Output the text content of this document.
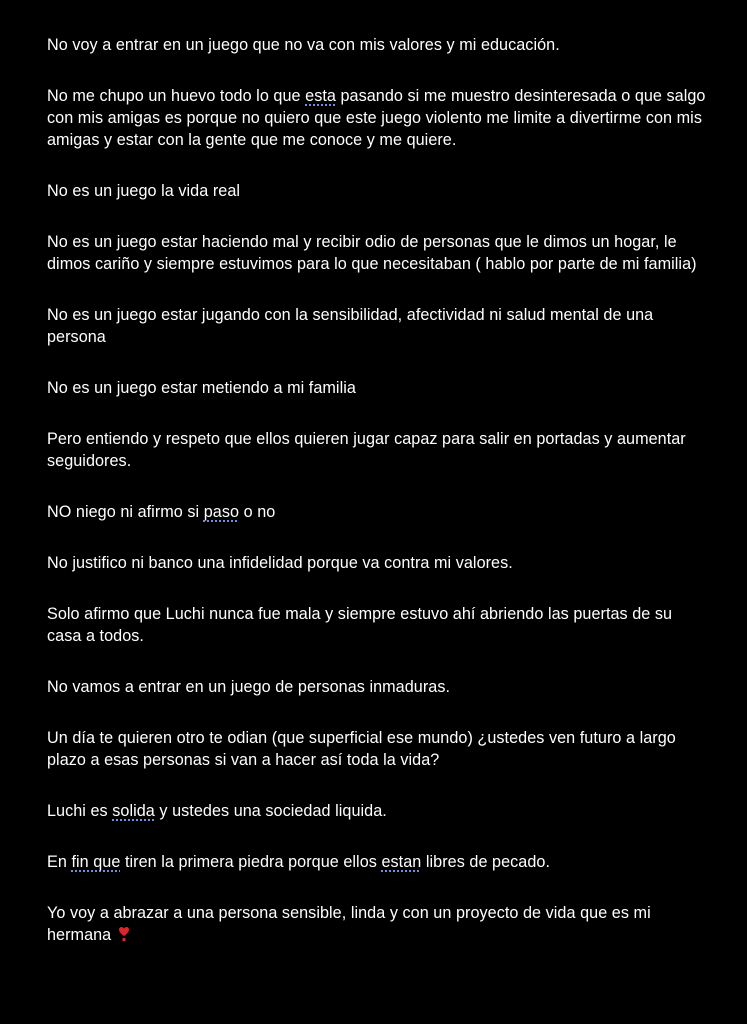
No voy a entrar en un juego que no va con mis valores y mi educación.

No me chupo un huevo todo lo que esta pasando si me muestro desinteresada o que salgo con mis amigas es porque no quiero que este juego violento me limite a divertirme con mis amigas y estar con la gente que me conoce y me quiere.

No es un juego la vida real

No es un juego estar haciendo mal y recibir odio de personas que le dimos un hogar, le dimos cariño y siempre estuvimos para lo que necesitaban ( hablo por parte de mi familia)

No es un juego estar jugando con la sensibilidad, afectividad ni salud mental de una persona

No es un juego estar metiendo a mi familia

Pero entiendo y respeto que ellos quieren jugar capaz para salir en portadas y aumentar seguidores.

NO niego ni afirmo si paso o no

No justifico ni banco una infidelidad porque va contra mi valores.

Solo afirmo que Luchi nunca fue mala y siempre estuvo ahí abriendo las puertas de su casa a todos.

No vamos a entrar en un juego de personas inmaduras.

Un día te quieren otro te odian (que superficial ese mundo) ¿ustedes ven futuro a largo plazo a esas personas si van a hacer así toda la vida?

Luchi es solida y ustedes una sociedad liquida.

En fin que tiren la primera piedra porque ellos estan libres de pecado.

Yo voy a abrazar a una persona sensible, linda y con un proyecto de vida que es mi hermana
